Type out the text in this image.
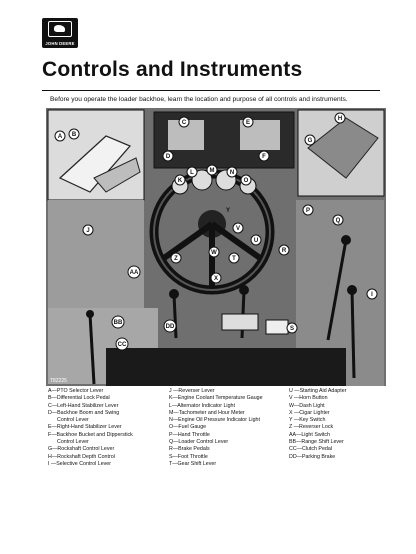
JOHN DEERE
Controls and Instruments
Before you operate the loader backhoe, learn the location and purpose of all controls and instruments.
A B
C
D
E
F
G
H
I
J
K
L	M	N
O
P
Q
R
S
T
U
V
W
X
Y
Z
AA
BB
CC
DD
T82225
A—PTO Selector Lever
B—Differential Lock Pedal
C—Left-Hand Stabilizer Lever
D—Backhoe Boom and Swing
Control Lever
E—Right-Hand Stabilizer Lever
F—Backhoe Bucket and Dipperstick
Control Lever
G—Rockshaft Control Lever
H—Rockshaft Depth Control
I —Selective Control Lever
J —Reverser Lever
K—Engine Coolant Temperature Gauge
L—Alternator Indicator Light
M—Tachometer and Hour Meter
N—Engine Oil Pressure Indicator Light
O—Fuel Gauge
P—Hand Throttle
Q—Loader Control Lever
R—Brake Pedals
S—Foot Throttle
T—Gear Shift Lever
U —Starting Aid Adapter
V —Horn Button
W—Dash Light
X —Cigar Lighter
Y —Key Switch
Z —Reverser Lock
AA—Light Switch
BB—Range Shift Lever
CC—Clutch Pedal
DD—Parking Brake
